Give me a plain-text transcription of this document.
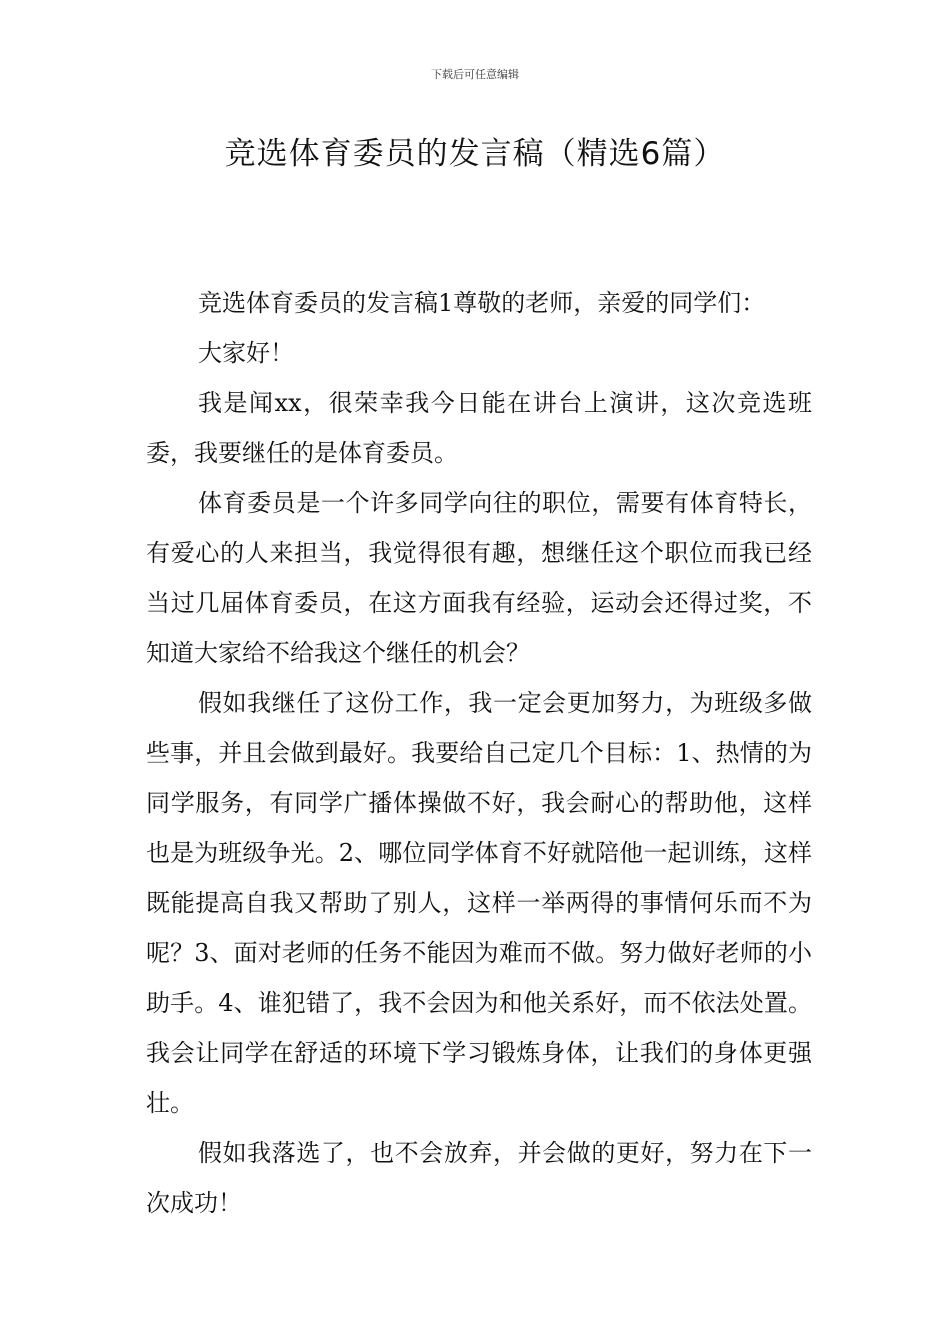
下载后可任意编辑
竞选体育委员的发言稿（精选6篇）

竞选体育委员的发言稿1尊敬的老师，亲爱的同学们：

大家好！

我是闻xx，很荣幸我今日能在讲台上演讲，这次竞选班委，我要继任的是体育委员。

体育委员是一个许多同学向往的职位，需要有体育特长，有爱心的人来担当，我觉得很有趣，想继任这个职位而我已经当过几届体育委员，在这方面我有经验，运动会还得过奖，不知道大家给不给我这个继任的机会？

假如我继任了这份工作，我一定会更加努力，为班级多做些事，并且会做到最好。我要给自己定几个目标：1、热情的为同学服务，有同学广播体操做不好，我会耐心的帮助他，这样也是为班级争光。2、哪位同学体育不好就陪他一起训练，这样既能提高自我又帮助了别人，这样一举两得的事情何乐而不为呢？3、面对老师的任务不能因为难而不做。努力做好老师的小助手。4、谁犯错了，我不会因为和他关系好，而不依法处置。我会让同学在舒适的环境下学习锻炼身体，让我们的身体更强壮。

假如我落选了，也不会放弃，并会做的更好，努力在下一次成功！
